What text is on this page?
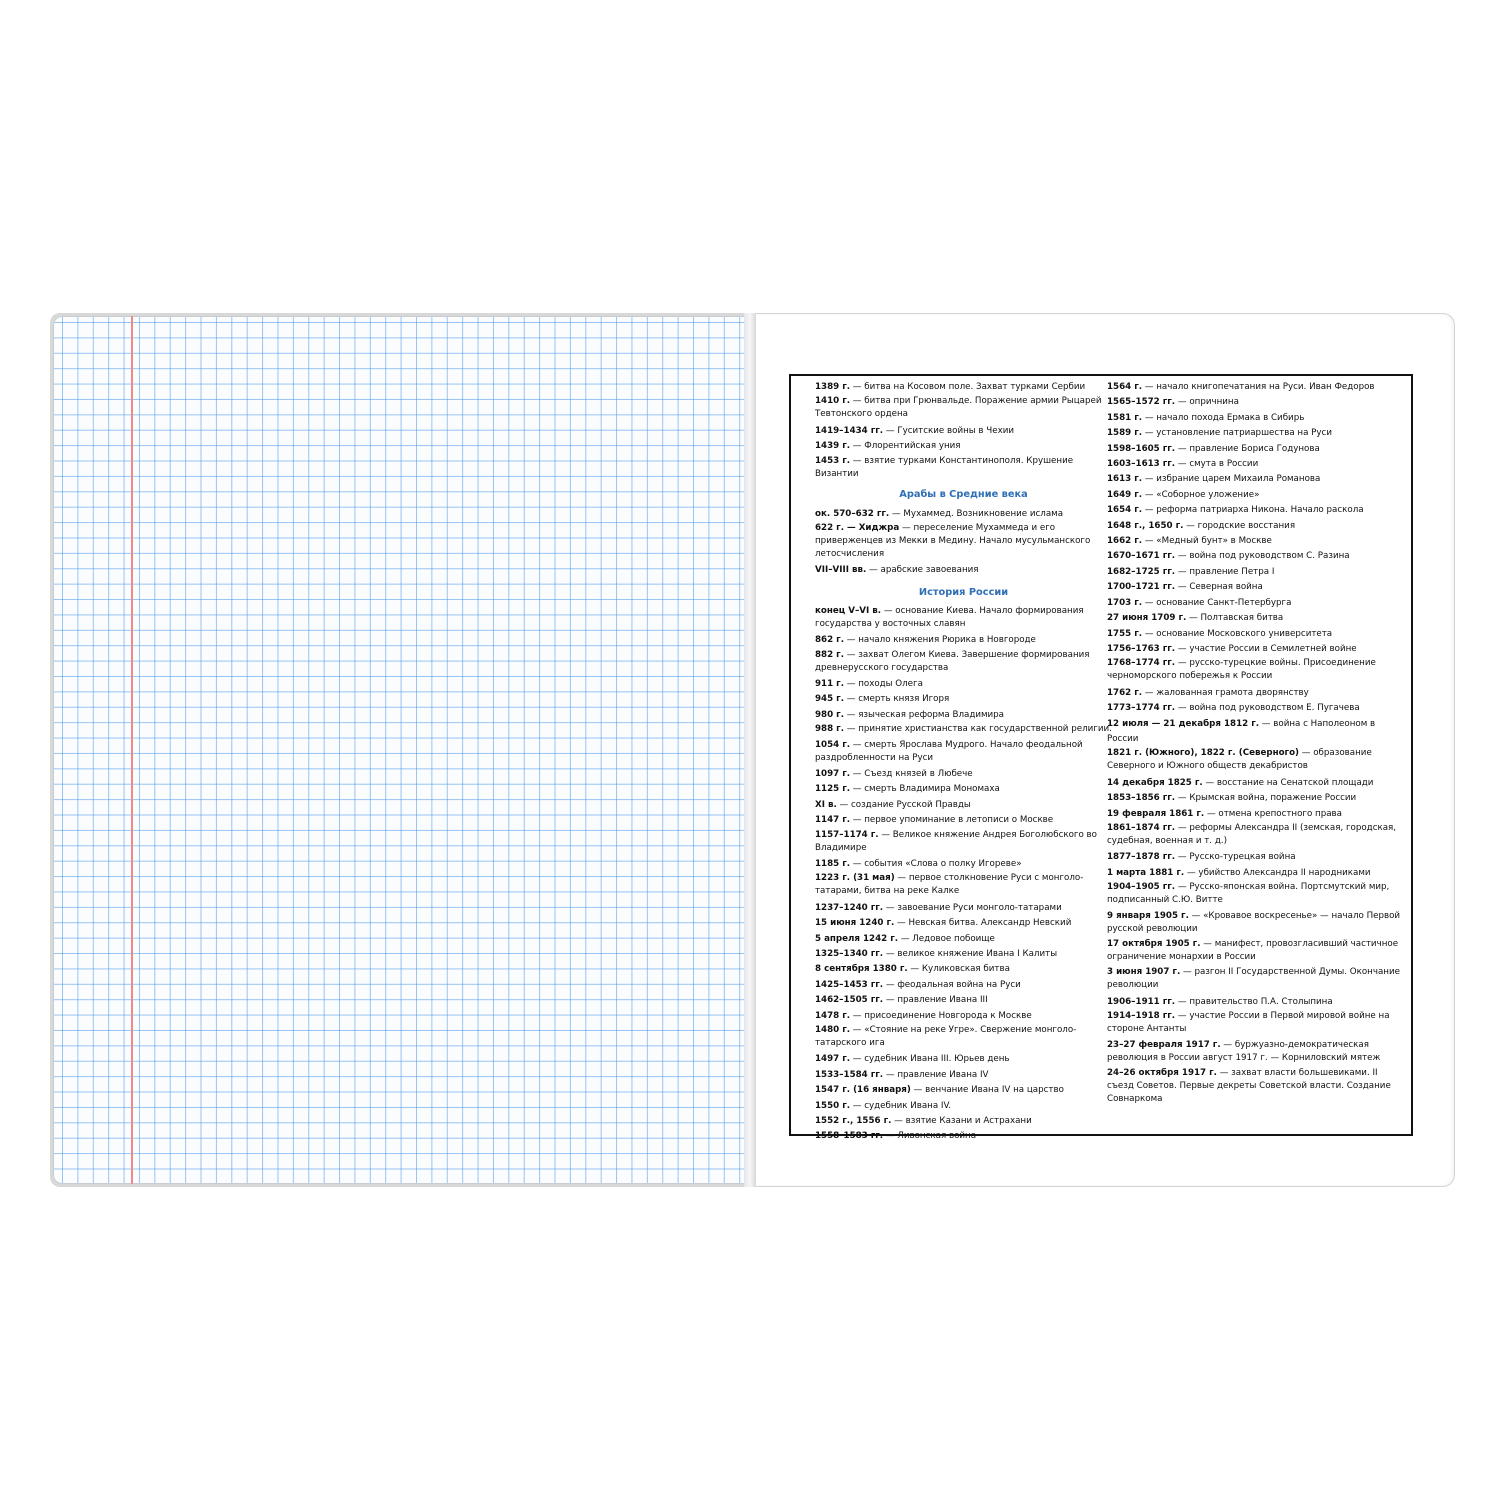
1389 г. — битва на Косовом поле. Захват турками Сербии
1410 г. — битва при Грюнвальде. Поражение армии Рыцарей Тевтонского ордена
1419–1434 гг. — Гуситские войны в Чехии
1439 г. — Флорентийская уния
1453 г. — взятие турками Константинополя. Крушение Византии
Арабы в Средние века
ок. 570–632 гг. — Мухаммед. Возникновение ислама
622 г. — Хиджра — переселение Мухаммеда и его приверженцев из Мекки в Медину. Начало мусульманского летосчисления
VII–VIII вв. — арабские завоевания
История России
конец V–VI в. — основание Киева. Начало формирования государства у восточных славян
862 г. — начало княжения Рюрика в Новгороде
882 г. — захват Олегом Киева. Завершение формирования древнерусского государства
911 г. — походы Олега
945 г. — смерть князя Игоря
980 г. — языческая реформа Владимира
988 г. — принятие христианства как государственной религии.
1054 г. — смерть Ярослава Мудрого. Начало феодальной раздробленности на Руси
1097 г. — Съезд князей в Любече
1125 г. — смерть Владимира Мономаха
XI в. — создание Русской Правды
1147 г. — первое упоминание в летописи о Москве
1157–1174 г. — Великое княжение Андрея Боголюбского во Владимире
1185 г. — события «Слова о полку Игореве»
1223 г. (31 мая) — первое столкновение Руси с монголо-татарами, битва на реке Калке
1237–1240 гг. — завоевание Руси монголо-татарами
15 июня 1240 г. — Невская битва. Александр Невский
5 апреля 1242 г. — Ледовое побоище
1325–1340 гг. — великое княжение Ивана I Калиты
8 сентября 1380 г. — Куликовская битва
1425–1453 гг. — феодальная война на Руси
1462–1505 гг. — правление Ивана III
1478 г. — присоединение Новгорода к Москве
1480 г. — «Стояние на реке Угре». Свержение монголо-татарского ига
1497 г. — судебник Ивана III. Юрьев день
1533–1584 гг. — правление Ивана IV
1547 г. (16 января) — венчание Ивана IV на царство
1550 г. — судебник Ивана IV.
1552 г., 1556 г. — взятие Казани и Астрахани
1558–1583 гг. — Ливонская война
1564 г. — начало книгопечатания на Руси. Иван Федоров
1565–1572 гг. — опричнина
1581 г. — начало похода Ермака в Сибирь
1589 г. — установление патриаршества на Руси
1598–1605 гг. — правление Бориса Годунова
1603–1613 гг. — смута в России
1613 г. — избрание царем Михаила Романова
1649 г. — «Соборное уложение»
1654 г. — реформа патриарха Никона. Начало раскола
1648 г., 1650 г. — городские восстания
1662 г. — «Медный бунт» в Москве
1670–1671 гг. — война под руководством С. Разина
1682–1725 гг. — правление Петра I
1700–1721 гг. — Северная война
1703 г. — основание Санкт-Петербурга
27 июня 1709 г. — Полтавская битва
1755 г. — основание Московского университета
1756–1763 гг. — участие России в Семилетней войне
1768–1774 гг. — русско-турецкие войны. Присоединение черноморского побережья к России
1762 г. — жалованная грамота дворянству
1773–1774 гг. — война под руководством Е. Пугачева
12 июля — 21 декабря 1812 г. — война с Наполеоном в России
1821 г. (Южного), 1822 г. (Северного) — образование Северного и Южного обществ декабристов
14 декабря 1825 г. — восстание на Сенатской площади
1853–1856 гг. — Крымская война, поражение России
19 февраля 1861 г. — отмена крепостного права
1861–1874 гг. — реформы Александра II (земская, городская, судебная, военная и т. д.)
1877–1878 гг. — Русско-турецкая война
1 марта 1881 г. — убийство Александра II народниками
1904–1905 гг. — Русско-японская война. Портсмутский мир, подписанный С.Ю. Витте
9 января 1905 г. — «Кровавое воскресенье» — начало Первой русской революции
17 октября 1905 г. — манифест, провозгласивший частичное ограничение монархии в России
3 июня 1907 г. — разгон II Государственной Думы. Окончание революции
1906–1911 гг. — правительство П.А. Столыпина
1914–1918 гг. — участие России в Первой мировой войне на стороне Антанты
23–27 февраля 1917 г. — буржуазно-демократическая революция в России август 1917 г. — Корниловский мятеж
24–26 октября 1917 г. — захват власти большевиками. II съезд Советов. Первые декреты Советской власти. Создание Совнаркома
